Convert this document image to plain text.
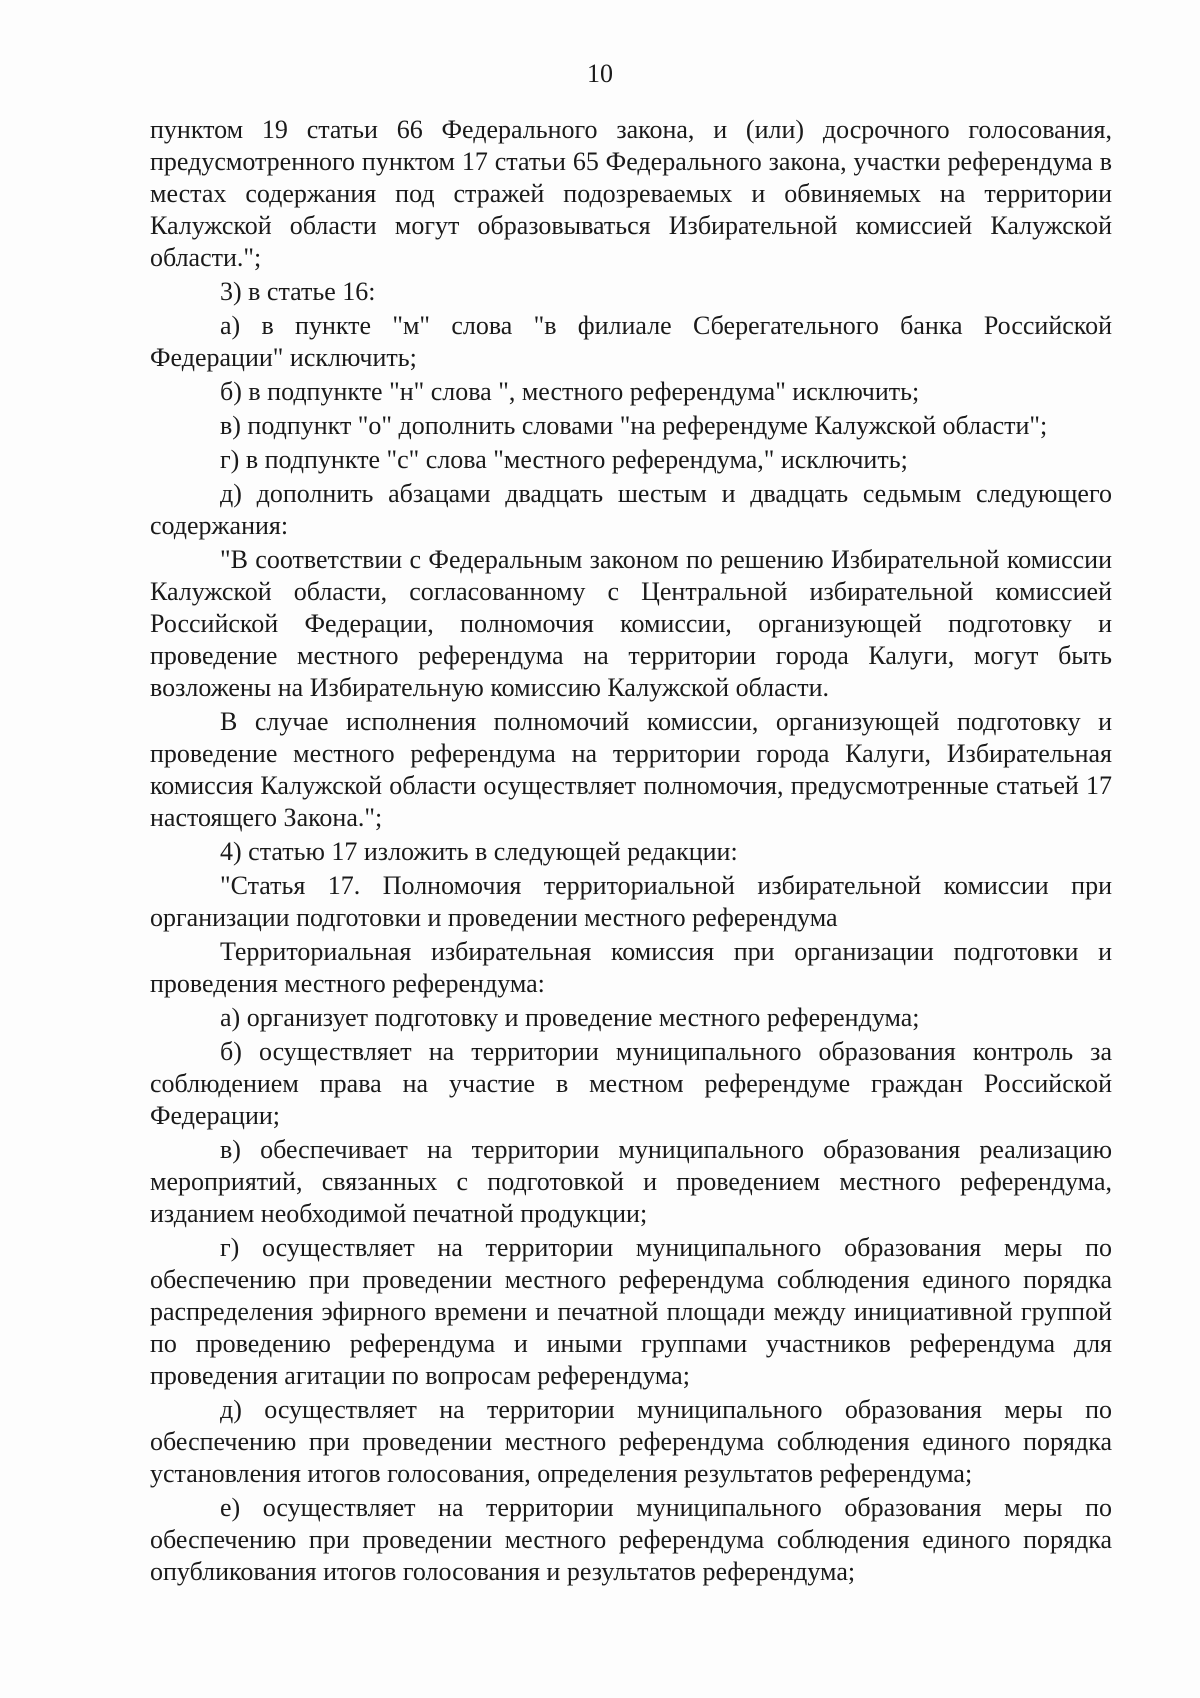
10

пунктом 19 статьи 66 Федерального закона, и (или) досрочного голосования, предусмотренного пунктом 17 статьи 65 Федерального закона, участки референдума в местах содержания под стражей подозреваемых и обвиняемых на территории Калужской области могут образовываться Избирательной комиссией Калужской области.";

3) в статье 16:

а) в пункте "м" слова "в филиале Сберегательного банка Российской Федерации" исключить;

б) в подпункте "н" слова ", местного референдума" исключить;

в) подпункт "о" дополнить словами "на референдуме Калужской области";

г) в подпункте "с" слова "местного референдума," исключить;

д) дополнить абзацами двадцать шестым и двадцать седьмым следующего содержания:

"В соответствии с Федеральным законом по решению Избирательной комиссии Калужской области, согласованному с Центральной избирательной комиссией Российской Федерации, полномочия комиссии, организующей подготовку и проведение местного референдума на территории города Калуги, могут быть возложены на Избирательную комиссию Калужской области.

В случае исполнения полномочий комиссии, организующей подготовку и проведение местного референдума на территории города Калуги, Избирательная комиссия Калужской области осуществляет полномочия, предусмотренные статьей 17 настоящего Закона.";

4) статью 17 изложить в следующей редакции:

"Статья 17. Полномочия территориальной избирательной комиссии при организации подготовки и проведении местного референдума

Территориальная избирательная комиссия при организации подготовки и проведения местного референдума:

а) организует подготовку и проведение местного референдума;

б) осуществляет на территории муниципального образования контроль за соблюдением права на участие в местном референдуме граждан Российской Федерации;

в) обеспечивает на территории муниципального образования реализацию мероприятий, связанных с подготовкой и проведением местного референдума, изданием необходимой печатной продукции;

г) осуществляет на территории муниципального образования меры по обеспечению при проведении местного референдума соблюдения единого порядка распределения эфирного времени и печатной площади между инициативной группой по проведению референдума и иными группами участников референдума для проведения агитации по вопросам референдума;

д) осуществляет на территории муниципального образования меры по обеспечению при проведении местного референдума соблюдения единого порядка установления итогов голосования, определения результатов референдума;

е) осуществляет на территории муниципального образования меры по обеспечению при проведении местного референдума соблюдения единого порядка опубликования итогов голосования и результатов референдума;
